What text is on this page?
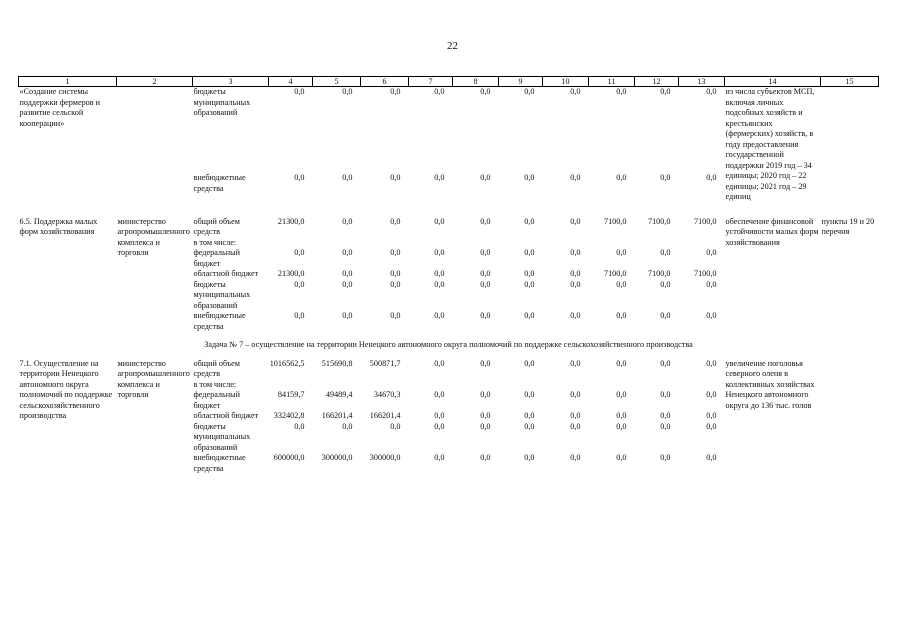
22
1	2	3	4	5	6	7	8	9	10	11	12	13	14	15
«Создание системы поддержки фермеров и развитие сельской кооперации»		бюджеты муниципальных образований	0,0	0,0	0,0	0,0	0,0	0,0	0,0	0,0	0,0	0,0	из числа субъектов МСП, включая личных подсобных хозяйств и крестьянских (фермерских) хозяйств, в году предоставления государственной поддержки 2019 год – 34 единицы; 2020 год – 22 единицы; 2021 год – 29 единиц	
		внебюджетные средства	0,0	0,0	0,0	0,0	0,0	0,0	0,0	0,0	0,0	0,0		
6.5. Поддержка малых форм хозяйствования	министерство агропромышленного комплекса и торговли	общий объем средств	21300,0	0,0	0,0	0,0	0,0	0,0	0,0	7100,0	7100,0	7100,0	обеспечение финансовой устойчивости малых форм хозяйствования	пункты 19 и 20 перечня
		в том числе:												
		федеральный бюджет	0,0	0,0	0,0	0,0	0,0	0,0	0,0	0,0	0,0	0,0		
		областной бюджет	21300,0	0,0	0,0	0,0	0,0	0,0	0,0	7100,0	7100,0	7100,0		
		бюджеты муниципальных образований	0,0	0,0	0,0	0,0	0,0	0,0	0,0	0,0	0,0	0,0		
		внебюджетные средства	0,0	0,0	0,0	0,0	0,0	0,0	0,0	0,0	0,0	0,0		
Задача № 7 – осуществление на территории Ненецкого автономного округа полномочий по поддержке сельскохозяйственного производства														
7.1. Осуществление на территории Ненецкого автономного округа полномочий по поддержке сельскохозяйственного производства	министерство агропромышленного комплекса и торговли	общий объем средств	1016562,5	515690,8	500871,7	0,0	0,0	0,0	0,0	0,0	0,0	0,0	увеличение поголовья северного оленя в коллективных хозяйствах Ненецкого автономного округа до 136 тыс. голов	
		в том числе:												
		федеральный бюджет	84159,7	49489,4	34670,3	0,0	0,0	0,0	0,0	0,0	0,0	0,0		
		областной бюджет	332402,8	166201,4	166201,4	0,0	0,0	0,0	0,0	0,0	0,0	0,0		
		бюджеты муниципальных образований	0,0	0,0	0,0	0,0	0,0	0,0	0,0	0,0	0,0	0,0		
		внебюджетные средства	600000,0	300000,0	300000,0	0,0	0,0	0,0	0,0	0,0	0,0	0,0		
